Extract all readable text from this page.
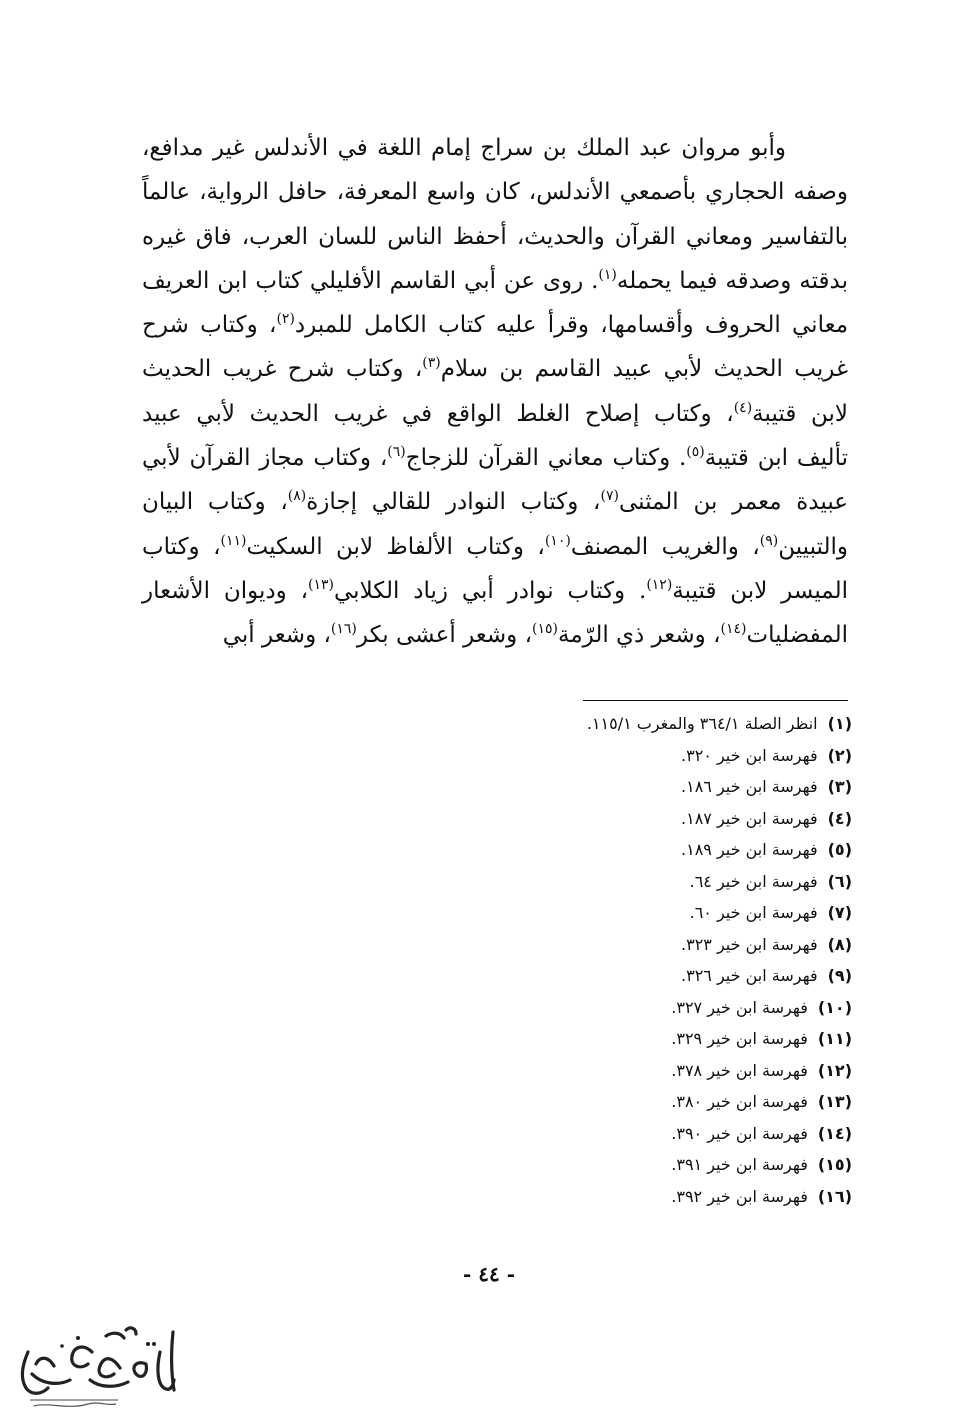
وأبو مروان عبد الملك بن سراج إمام اللغة في الأندلس غير مدافع،
وصفه الحجاري بأصمعي الأندلس، كان واسع المعرفة، حافل الرواية، عالماً
بالتفاسير ومعاني القرآن والحديث، أحفظ الناس للسان العرب، فاق غيره
بدقته وصدقه فيما يحمله$^{(١)}$. روى عن أبي القاسم الأفليلي كتاب ابن العريف
معاني الحروف وأقسامها، وقرأ عليه كتاب الكامل للمبرد$^{(٢)}$، وكتاب شرح
غريب الحديث لأبي عبيد القاسم بن سلام$^{(٣)}$، وكتاب شرح غريب الحديث
لابن قتيبة$^{(٤)}$، وكتاب إصلاح الغلط الواقع في غريب الحديث لأبي عبيد
تأليف ابن قتيبة$^{(٥)}$. وكتاب معاني القرآن للزجاج$^{(٦)}$، وكتاب مجاز القرآن لأبي
عبيدة معمر بن المثنى$^{(٧)}$، وكتاب النوادر للقالي إجازة$^{(٨)}$، وكتاب البيان
والتبيين$^{(٩)}$، والغريب المصنف$^{(١٠)}$، وكتاب الألفاظ لابن السكيت$^{(١١)}$، وكتاب
الميسر لابن قتيبة$^{(١٢)}$. وكتاب نوادر أبي زياد الكلابي$^{(١٣)}$، وديوان الأشعار
المفضليات$^{(١٤)}$، وشعر ذي الرّمة$^{(١٥)}$، وشعر أعشى بكر$^{(١٦)}$، وشعر أبي
(١)انظر الصلة ٣٦٤/١ والمغرب ١١٥/١.
(٢)فهرسة ابن خير ٣٢٠.
(٣)فهرسة ابن خير ١٨٦.
(٤)فهرسة ابن خير ١٨٧.
(٥)فهرسة ابن خير ١٨٩.
(٦)فهرسة ابن خير ٦٤.
(٧)فهرسة ابن خير ٦٠.
(٨)فهرسة ابن خير ٣٢٣.
(٩)فهرسة ابن خير ٣٢٦.
(١٠)فهرسة ابن خير ٣٢٧.
(١١)فهرسة ابن خير ٣٢٩.
(١٢)فهرسة ابن خير ٣٧٨.
(١٣)فهرسة ابن خير ٣٨٠.
(١٤)فهرسة ابن خير ٣٩٠.
(١٥)فهرسة ابن خير ٣٩١.
(١٦)فهرسة ابن خير ٣٩٢.
- ٤٤ -
